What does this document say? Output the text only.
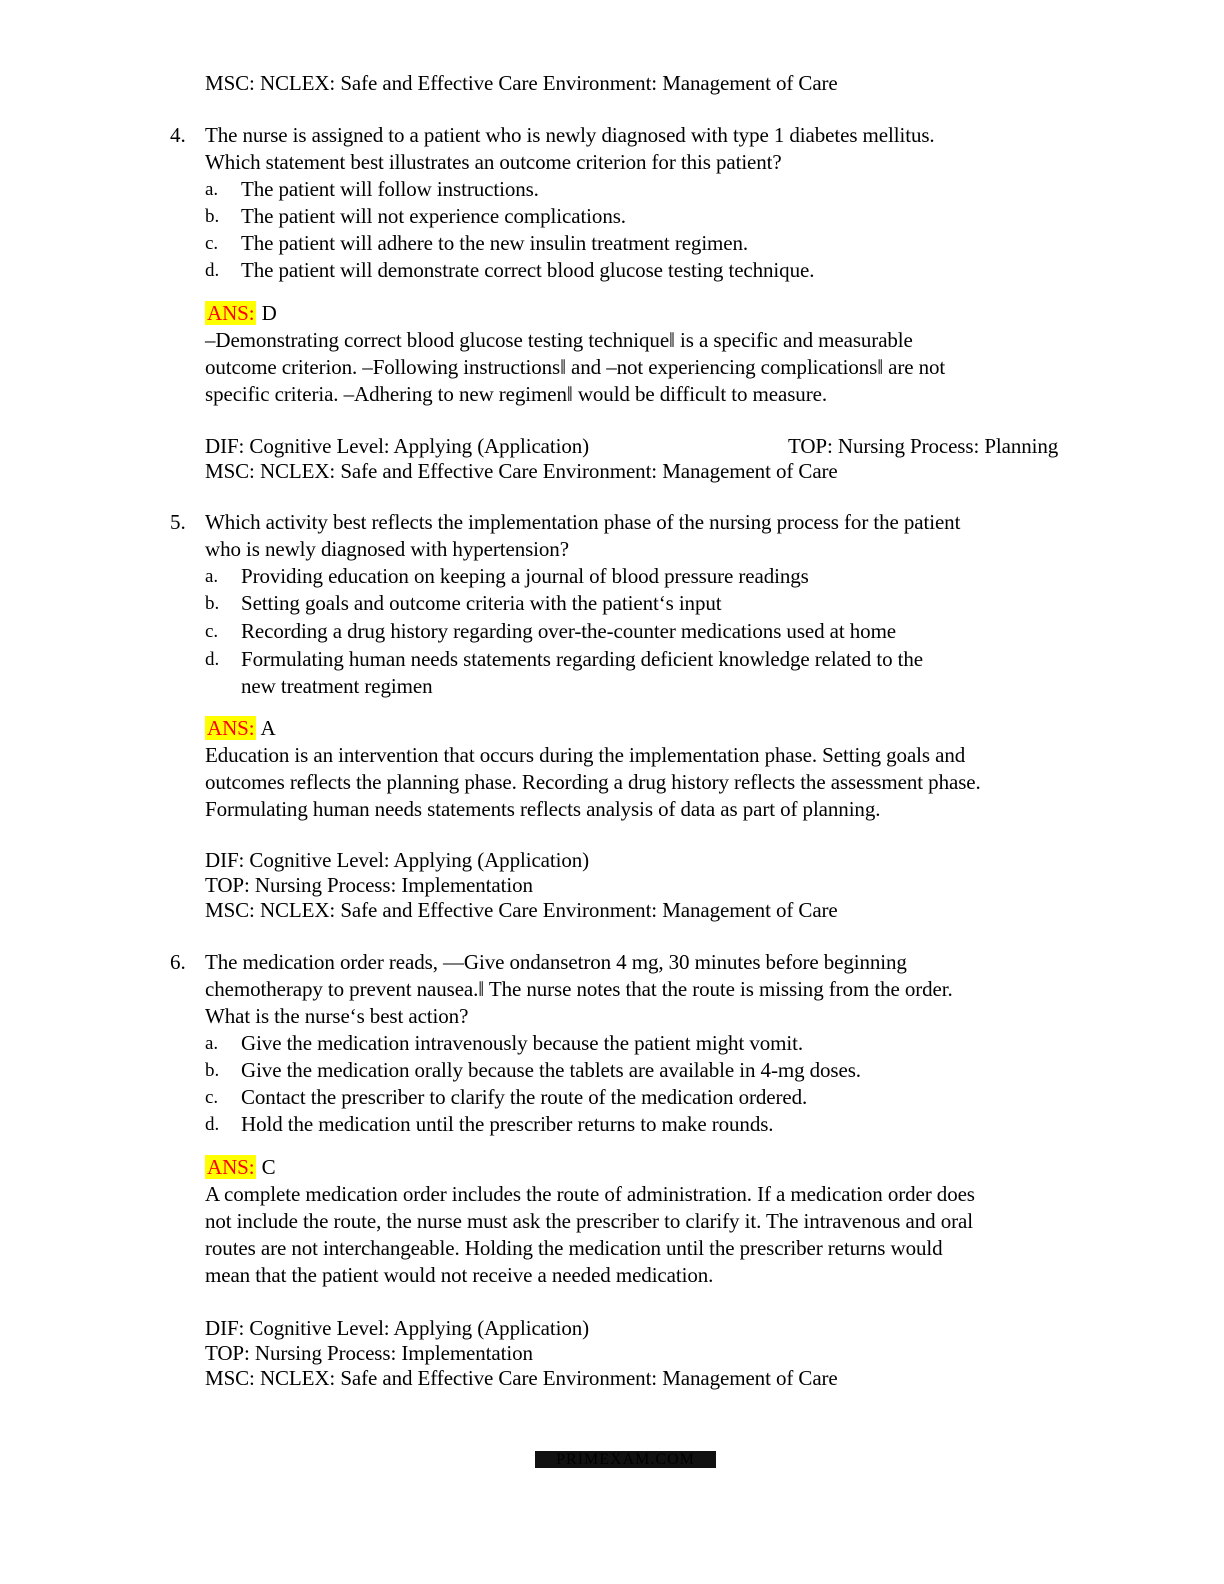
MSC: NCLEX: Safe and Effective Care Environment: Management of Care
4. The nurse is assigned to a patient who is newly diagnosed with type 1 diabetes mellitus.
Which statement best illustrates an outcome criterion for this patient?
a. The patient will follow instructions.
b. The patient will not experience complications.
c. The patient will adhere to the new insulin treatment regimen.
d. The patient will demonstrate correct blood glucose testing technique.
ANS: D
–Demonstrating correct blood glucose testing technique‖ is a specific and measurable
outcome criterion. –Following instructions‖ and –not experiencing complications‖ are not
specific criteria. –Adhering to new regimen‖ would be difficult to measure.
DIF: Cognitive Level: Applying (Application)	TOP: Nursing Process: Planning
MSC: NCLEX: Safe and Effective Care Environment: Management of Care
5. Which activity best reflects the implementation phase of the nursing process for the patient
who is newly diagnosed with hypertension?
a. Providing education on keeping a journal of blood pressure readings
b. Setting goals and outcome criteria with the patient‘s input
c. Recording a drug history regarding over-the-counter medications used at home
d. Formulating human needs statements regarding deficient knowledge related to the
new treatment regimen
ANS: A
Education is an intervention that occurs during the implementation phase. Setting goals and
outcomes reflects the planning phase. Recording a drug history reflects the assessment phase.
Formulating human needs statements reflects analysis of data as part of planning.
DIF: Cognitive Level: Applying (Application)
TOP: Nursing Process: Implementation
MSC: NCLEX: Safe and Effective Care Environment: Management of Care
6. The medication order reads, ―Give ondansetron 4 mg, 30 minutes before beginning
chemotherapy to prevent nausea.‖ The nurse notes that the route is missing from the order.
What is the nurse‘s best action?
a. Give the medication intravenously because the patient might vomit.
b. Give the medication orally because the tablets are available in 4-mg doses.
c. Contact the prescriber to clarify the route of the medication ordered.
d. Hold the medication until the prescriber returns to make rounds.
ANS: C
A complete medication order includes the route of administration. If a medication order does
not include the route, the nurse must ask the prescriber to clarify it. The intravenous and oral
routes are not interchangeable. Holding the medication until the prescriber returns would
mean that the patient would not receive a needed medication.
DIF: Cognitive Level: Applying (Application)
TOP: Nursing Process: Implementation
MSC: NCLEX: Safe and Effective Care Environment: Management of Care
PRIMEXAM.COM
